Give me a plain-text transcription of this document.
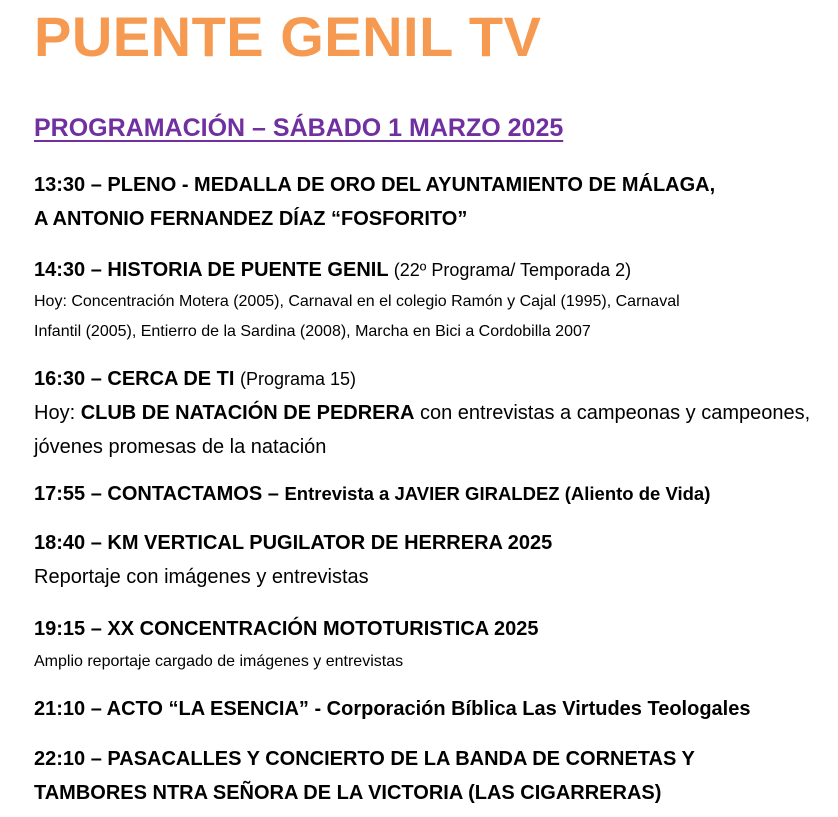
PUENTE GENIL TV
PROGRAMACIÓN – SÁBADO 1 MARZO 2025
13:30 – PLENO - MEDALLA DE ORO DEL AYUNTAMIENTO DE MÁLAGA,
A ANTONIO FERNANDEZ DÍAZ “FOSFORITO”
14:30 – HISTORIA DE PUENTE GENIL (22º Programa/ Temporada 2)
Hoy: Concentración Motera (2005), Carnaval en el colegio Ramón y Cajal (1995), Carnaval
Infantil (2005), Entierro de la Sardina (2008), Marcha en Bici a Cordobilla 2007
16:30 – CERCA DE TI (Programa 15)
Hoy: CLUB DE NATACIÓN DE PEDRERA con entrevistas a campeonas y campeones,
jóvenes promesas de la natación
17:55 – CONTACTAMOS – Entrevista a JAVIER GIRALDEZ (Aliento de Vida)
18:40 – KM VERTICAL PUGILATOR DE HERRERA 2025
Reportaje con imágenes y entrevistas
19:15 – XX CONCENTRACIÓN MOTOTURISTICA 2025
Amplio reportaje cargado de imágenes y entrevistas
21:10 – ACTO “LA ESENCIA” - Corporación Bíblica Las Virtudes Teologales
22:10 – PASACALLES Y CONCIERTO DE LA BANDA DE CORNETAS Y
TAMBORES NTRA SEÑORA DE LA VICTORIA (LAS CIGARRERAS)
